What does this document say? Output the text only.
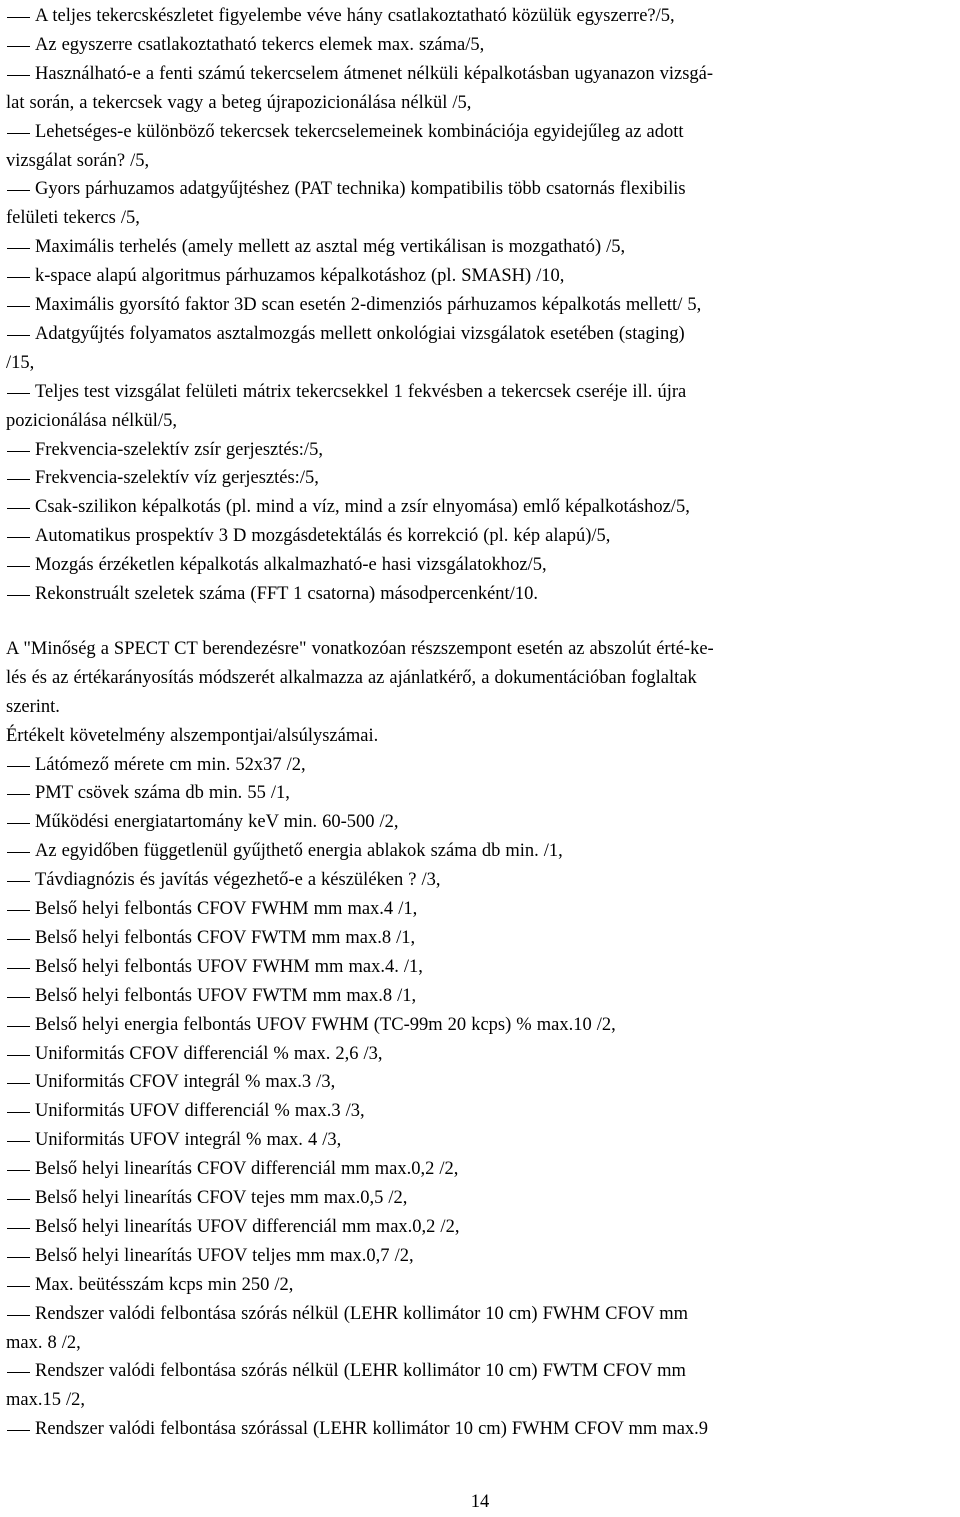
A teljes tekercskészletet figyelembe véve hány csatlakoztatható közülük egyszerre?/5,
Az egyszerre csatlakoztatható tekercs elemek max. száma/5,
Használható-e a fenti számú tekercselem átmenet nélküli képalkotásban ugyanazon vizsgá-
lat során, a tekercsek vagy a beteg újrapozicionálása nélkül /5,
Lehetséges-e különböző tekercsek tekercselemeinek kombinációja egyidejűleg az adott
vizsgálat során? /5,
Gyors párhuzamos adatgyűjtéshez (PAT technika) kompatibilis több csatornás flexibilis
felületi tekercs /5,
Maximális terhelés (amely mellett az asztal még vertikálisan is mozgatható) /5,
k-space alapú algoritmus párhuzamos képalkotáshoz (pl. SMASH) /10,
Maximális gyorsító faktor 3D scan esetén 2-dimenziós párhuzamos képalkotás mellett/ 5,
Adatgyűjtés folyamatos asztalmozgás mellett onkológiai vizsgálatok esetében (staging)
/15,
Teljes test vizsgálat felületi mátrix tekercsekkel 1 fekvésben a tekercsek cseréje ill. újra
pozicionálása nélkül/5,
Frekvencia-szelektív zsír gerjesztés:/5,
Frekvencia-szelektív víz gerjesztés:/5,
Csak-szilikon képalkotás (pl. mind a víz, mind a zsír elnyomása) emlő képalkotáshoz/5,
Automatikus prospektív 3 D mozgásdetektálás és korrekció (pl. kép alapú)/5,
Mozgás érzéketlen képalkotás alkalmazható-e hasi vizsgálatokhoz/5,
Rekonstruált szeletek száma (FFT 1 csatorna) másodpercenként/10.
A "Minőség a SPECT CT berendezésre" vonatkozóan részszempont esetén az abszolút érté-ke-
lés és az értékarányosítás módszerét alkalmazza az ajánlatkérő, a dokumentációban foglaltak
szerint.
Értékelt követelmény alszempontjai/alsúlyszámai.
Látómező mérete cm min. 52x37 /2,
PMT csövek száma db min. 55 /1,
Működési energiatartomány keV min. 60-500 /2,
Az egyidőben függetlenül gyűjthető energia ablakok száma db min. /1,
Távdiagnózis és javítás végezhető-e a készüléken ? /3,
Belső helyi felbontás CFOV FWHM mm max.4 /1,
Belső helyi felbontás CFOV FWTM mm max.8 /1,
Belső helyi felbontás UFOV FWHM mm max.4. /1,
Belső helyi felbontás UFOV FWTM mm max.8 /1,
Belső helyi energia felbontás UFOV FWHM (TC-99m 20 kcps) % max.10 /2,
Uniformitás CFOV differenciál % max. 2,6 /3,
Uniformitás CFOV integrál % max.3 /3,
Uniformitás UFOV differenciál % max.3 /3,
Uniformitás UFOV integrál % max. 4 /3,
Belső helyi linearítás CFOV differenciál mm max.0,2 /2,
Belső helyi linearítás CFOV tejes mm max.0,5 /2,
Belső helyi linearítás UFOV differenciál mm max.0,2 /2,
Belső helyi linearítás UFOV teljes mm max.0,7 /2,
Max. beütésszám kcps min 250 /2,
Rendszer valódi felbontása szórás nélkül (LEHR kollimátor 10 cm) FWHM CFOV mm
max. 8 /2,
Rendszer valódi felbontása szórás nélkül (LEHR kollimátor 10 cm) FWTM CFOV mm
max.15 /2,
Rendszer valódi felbontása szórással (LEHR kollimátor 10 cm) FWHM CFOV mm max.9
14
